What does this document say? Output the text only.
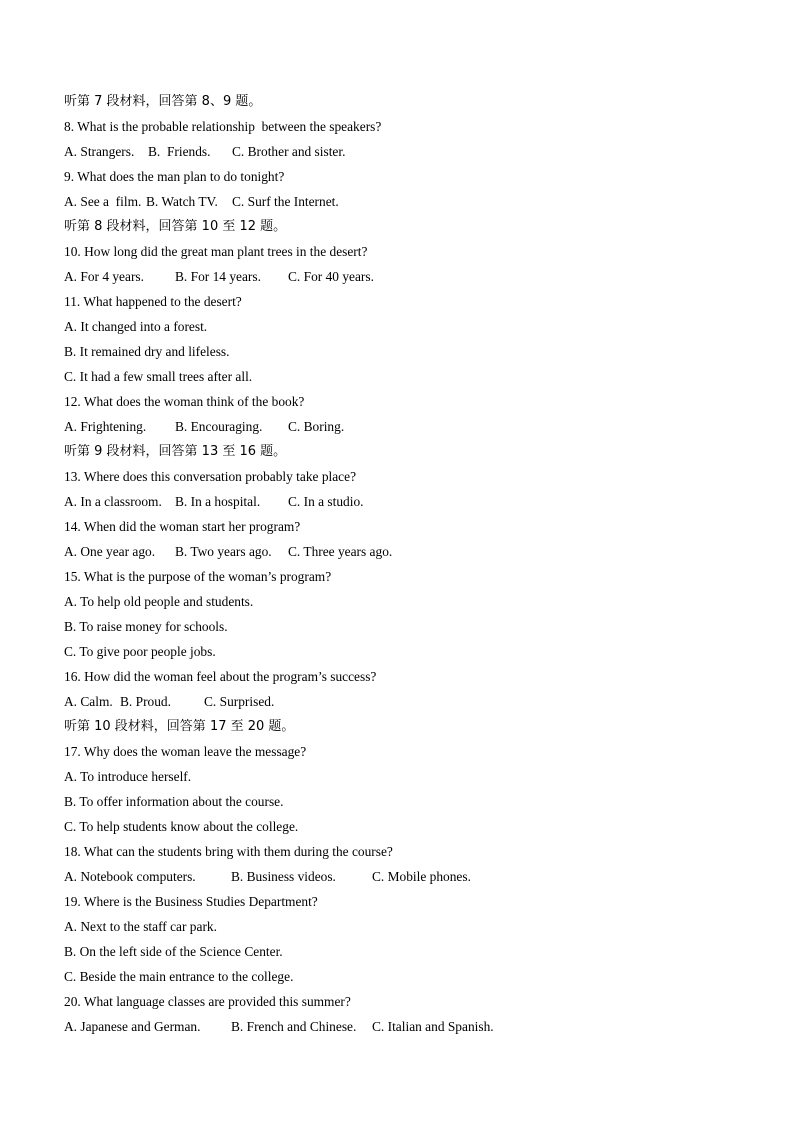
听第 7 段材料，回答第 8、9 题。
8. What is the probable relationship  between the speakers?
A. Strangers. B.  Friends. C. Brother and sister.
9. What does the man plan to do tonight?
A. See a  film. B. Watch TV. C. Surf the Internet.
听第 8 段材料，回答第 10 至 12 题。
10. How long did the great man plant trees in the desert?
A. For 4 years. B. For 14 years. C. For 40 years.
11. What happened to the desert?
A. It changed into a forest.
B. It remained dry and lifeless.
C. It had a few small trees after all.
12. What does the woman think of the book?
A. Frightening. B. Encouraging. C. Boring.
听第 9 段材料，回答第 13 至 16 题。
13. Where does this conversation probably take place?
A. In a classroom. B. In a hospital. C. In a studio.
14. When did the woman start her program?
A. One year ago. B. Two years ago. C. Three years ago.
15. What is the purpose of the woman’s program?
A. To help old people and students.
B. To raise money for schools.
C. To give poor people jobs.
16. How did the woman feel about the program’s success?
A. Calm. B. Proud. C. Surprised.
听第 10 段材料，回答第 17 至 20 题。
17. Why does the woman leave the message?
A. To introduce herself.
B. To offer information about the course.
C. To help students know about the college.
18. What can the students bring with them during the course?
A. Notebook computers.	B. Business videos.	C. Mobile phones.
19. Where is the Business Studies Department?
A. Next to the staff car park.
B. On the left side of the Science Center.
C. Beside the main entrance to the college.
20. What language classes are provided this summer?
A. Japanese and German. B. French and Chinese. C. Italian and Spanish.
